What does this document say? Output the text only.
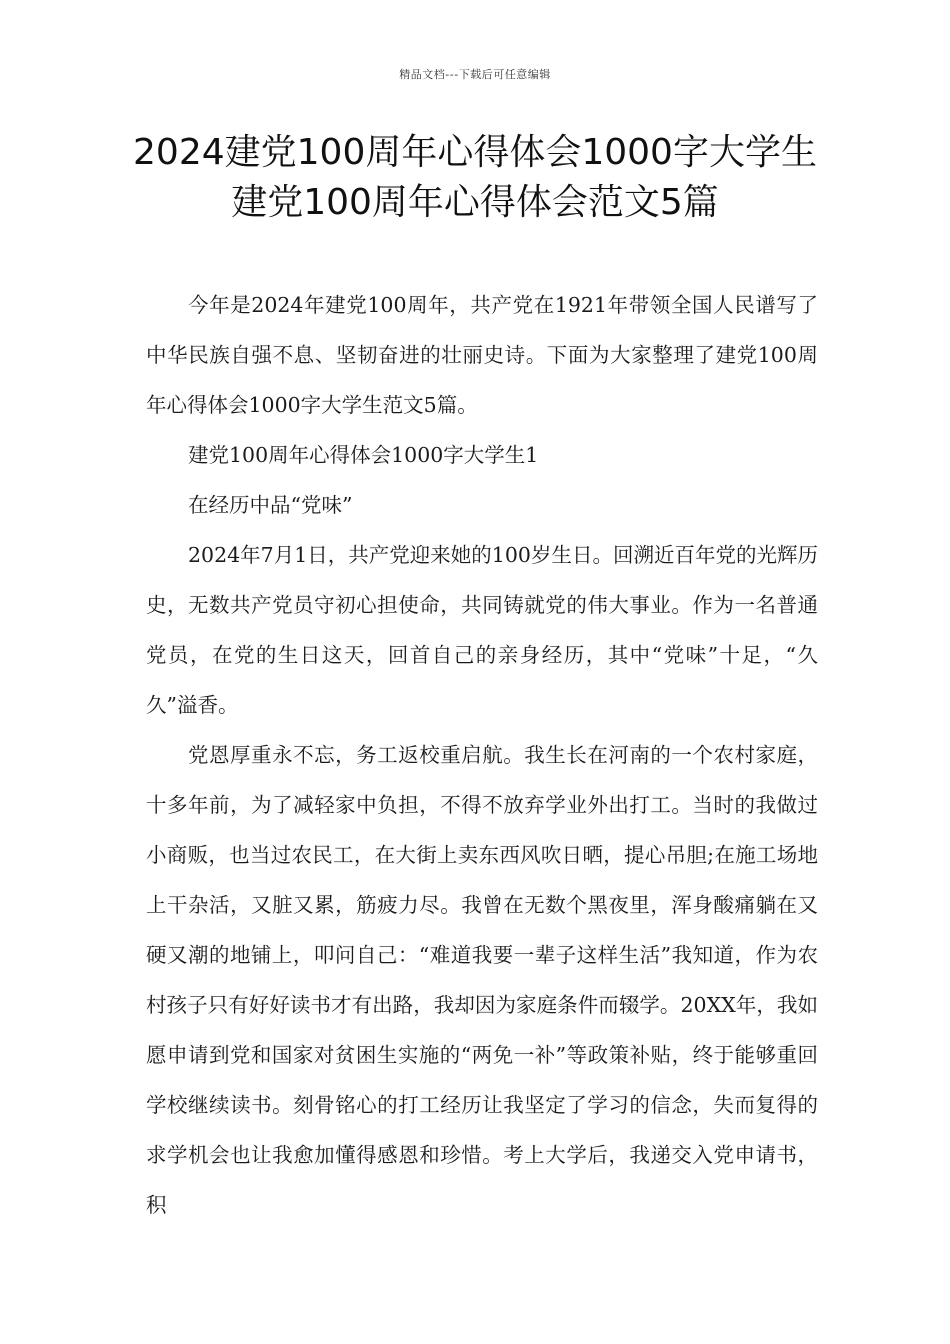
精品文档---下载后可任意编辑
2024建党100周年心得体会1000字大学生 建党100周年心得体会范文5篇

今年是2024年建党100周年，共产党在1921年带领全国人民谱写了中华民族自强不息、坚韧奋进的壮丽史诗。下面为大家整理了建党100周年心得体会1000字大学生范文5篇。

建党100周年心得体会1000字大学生1

在经历中品“党味”

2024年7月1日，共产党迎来她的100岁生日。回溯近百年党的光辉历史，无数共产党员守初心担使命，共同铸就党的伟大事业。作为一名普通党员，在党的生日这天，回首自己的亲身经历，其中“党味”十足，“久久”溢香。

党恩厚重永不忘，务工返校重启航。我生长在河南的一个农村家庭，十多年前，为了减轻家中负担，不得不放弃学业外出打工。当时的我做过小商贩，也当过农民工，在大街上卖东西风吹日晒，提心吊胆;在施工场地上干杂活，又脏又累，筋疲力尽。我曾在无数个黑夜里，浑身酸痛躺在又硬又潮的地铺上，叩问自己：“难道我要一辈子这样生活”我知道，作为农村孩子只有好好读书才有出路，我却因为家庭条件而辍学。20XX年，我如愿申请到党和国家对贫困生实施的“两免一补”等政策补贴，终于能够重回学校继续读书。刻骨铭心的打工经历让我坚定了学习的信念，失而复得的求学机会也让我愈加懂得感恩和珍惜。考上大学后，我递交入党申请书，积
